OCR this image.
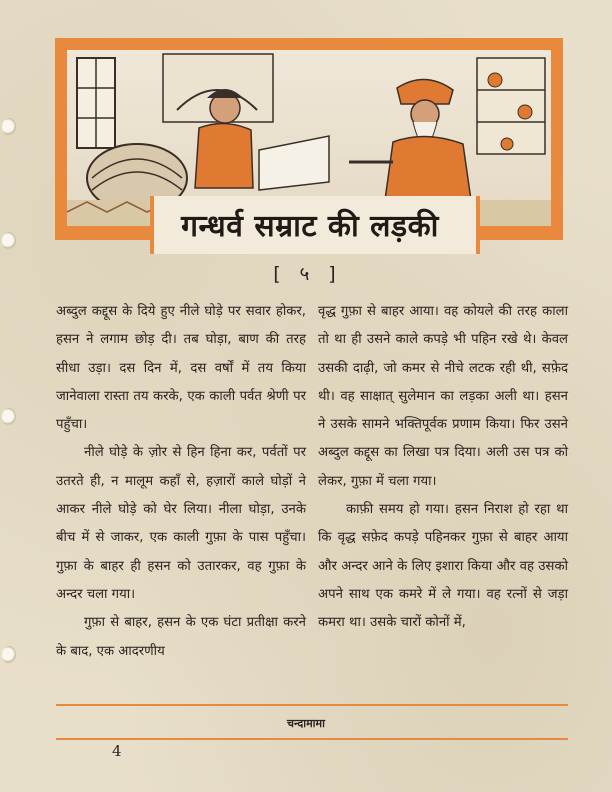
गन्धर्व सम्राट की लड़की
[ ५ ]

अब्दुल कद्दूस के दिये हुए नीले घोड़े पर सवार होकर, हसन ने लगाम छोड़ दी। तब घोड़ा, बाण की तरह सीधा उड़ा। दस दिन में, दस वर्षों में तय किया जानेवाला रास्ता तय करके, एक काली पर्वत श्रेणी पर पहुँचा।

नीले घोड़े के ज़ोर से हिन हिना कर, पर्वतों पर उतरते ही, न मालूम कहाँ से, हज़ारों काले घोड़ों ने आकर नीले घोड़े को घेर लिया। नीला घोड़ा, उनके बीच में से जाकर, एक काली गुफ़ा के पास पहुँचा। गुफ़ा के बाहर ही हसन को उतारकर, वह गुफ़ा के अन्दर चला गया।

गुफ़ा से बाहर, हसन के एक घंटा प्रतीक्षा करने के बाद, एक आदरणीय

वृद्ध गुफ़ा से बाहर आया। वह कोयले की तरह काला तो था ही उसने काले कपड़े भी पहिन रखे थे। केवल उसकी दाढ़ी, जो कमर से नीचे लटक रही थी, सफ़ेद थी। वह साक्षात् सुलेमान का लड़का अली था। हसन ने उसके सामने भक्तिपूर्वक प्रणाम किया। फिर उसने अब्दुल कद्दूस का लिखा पत्र दिया। अली उस पत्र को लेकर, गुफ़ा में चला गया।

काफ़ी समय हो गया। हसन निराश हो रहा था कि वृद्ध सफ़ेद कपड़े पहिनकर गुफ़ा से बाहर आया और अन्दर आने के लिए इशारा किया और वह उसको अपने साथ एक कमरे में ले गया। वह रत्नों से जड़ा कमरा था। उसके चारों कोनों में,

चन्दामामा
4
